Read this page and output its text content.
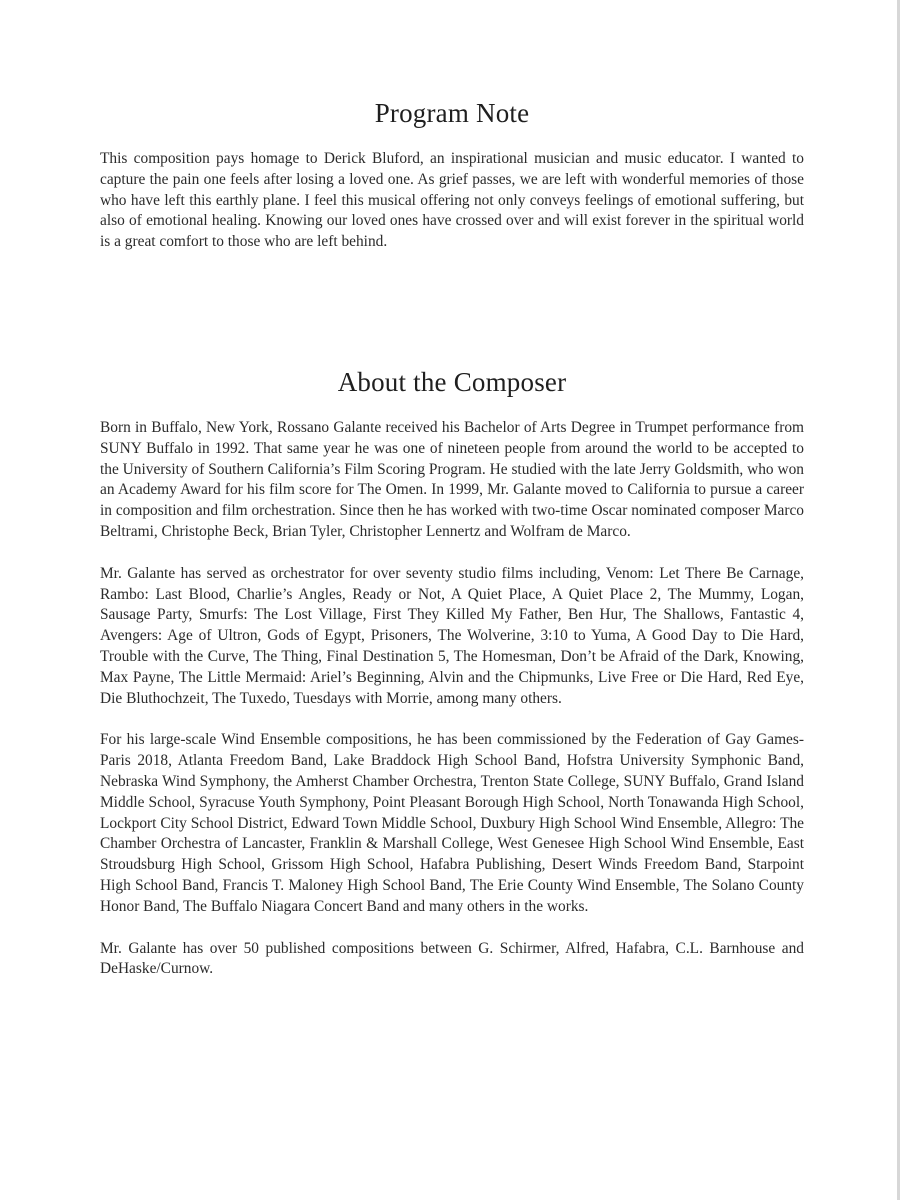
Program Note

This composition pays homage to Derick Bluford, an inspirational musician and music educator. I wanted to capture the pain one feels after losing a loved one. As grief passes, we are left with wonderful memories of those who have left this earthly plane. I feel this musical offering not only conveys feelings of emotional suffering, but also of emotional healing. Knowing our loved ones have crossed over and will exist forever in the spiritual world is a great comfort to those who are left behind.

About the Composer

Born in Buffalo, New York, Rossano Galante received his Bachelor of Arts Degree in Trumpet performance from SUNY Buffalo in 1992. That same year he was one of nineteen people from around the world to be accepted to the University of Southern California’s Film Scoring Program. He studied with the late Jerry Goldsmith, who won an Academy Award for his film score for The Omen. In 1999, Mr. Galante moved to California to pursue a career in composition and film orchestration. Since then he has worked with two-time Oscar nominated composer Marco Beltrami, Christophe Beck, Brian Tyler, Christopher Lennertz and Wolfram de Marco.

Mr. Galante has served as orchestrator for over seventy studio films including, Venom: Let There Be Carnage, Rambo: Last Blood, Charlie’s Angles, Ready or Not, A Quiet Place, A Quiet Place 2, The Mummy, Logan, Sausage Party, Smurfs: The Lost Village, First They Killed My Father, Ben Hur, The Shallows, Fantastic 4, Avengers: Age of Ultron, Gods of Egypt, Prisoners, The Wolverine, 3:10 to Yuma, A Good Day to Die Hard, Trouble with the Curve, The Thing, Final Destination 5, The Homesman, Don’t be Afraid of the Dark, Knowing, Max Payne, The Little Mermaid: Ariel’s Beginning, Alvin and the Chipmunks, Live Free or Die Hard, Red Eye, Die Bluthochzeit, The Tuxedo, Tuesdays with Morrie, among many others.

For his large-scale Wind Ensemble compositions, he has been commissioned by the Federation of Gay Games-Paris 2018, Atlanta Freedom Band, Lake Braddock High School Band, Hofstra University Symphonic Band, Nebraska Wind Symphony, the Amherst Chamber Orchestra, Trenton State College, SUNY Buffalo, Grand Island Middle School, Syracuse Youth Symphony, Point Pleasant Borough High School, North Tonawanda High School, Lockport City School District, Edward Town Middle School, Duxbury High School Wind Ensemble, Allegro: The Chamber Orchestra of Lancaster, Franklin & Marshall College, West Genesee High School Wind Ensemble, East Stroudsburg High School, Grissom High School, Hafabra Publishing, Desert Winds Freedom Band, Starpoint High School Band, Francis T. Maloney High School Band, The Erie County Wind Ensemble, The Solano County Honor Band, The Buffalo Niagara Concert Band and many others in the works.

Mr. Galante has over 50 published compositions between G. Schirmer, Alfred, Hafabra, C.L. Barnhouse and DeHaske/Curnow.
